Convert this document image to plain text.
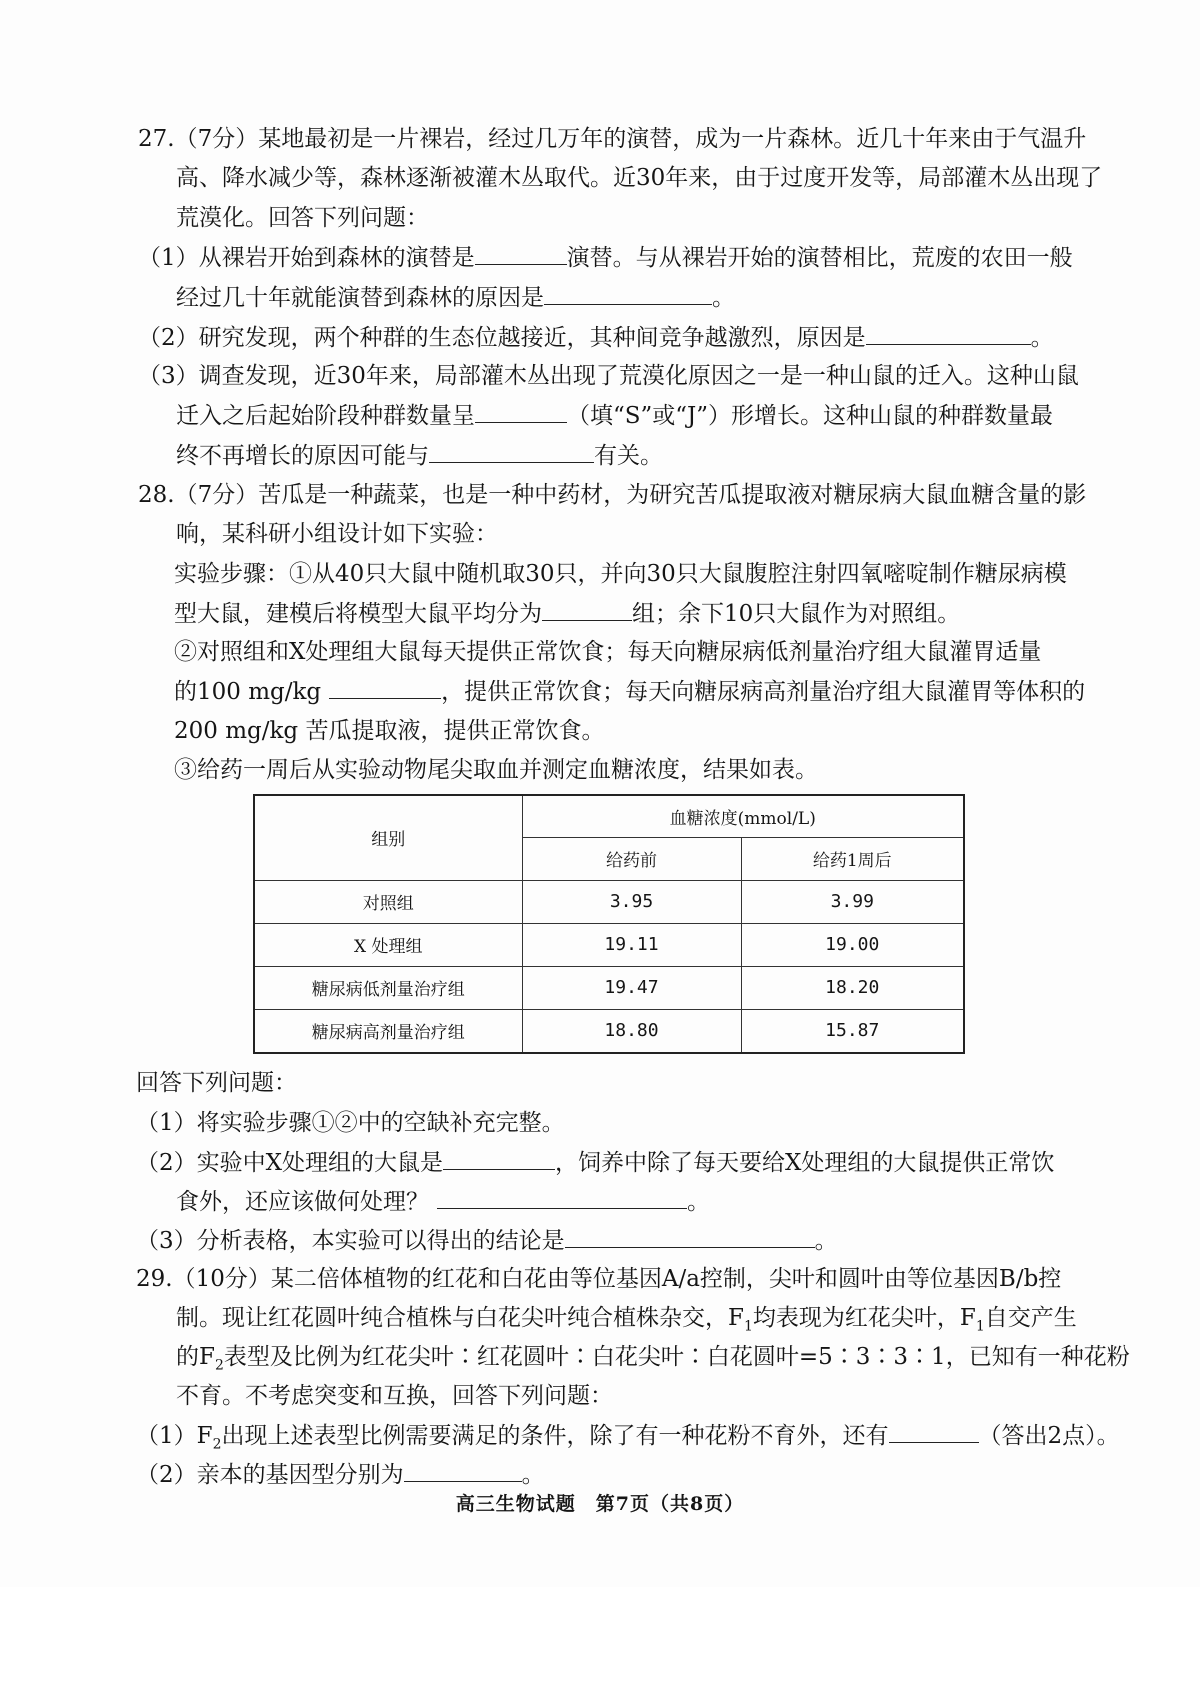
27.（7分）某地最初是一片裸岩，经过几万年的演替，成为一片森林。近几十年来由于气温升

高、降水减少等，森林逐渐被灌木丛取代。近30年来，由于过度开发等，局部灌木丛出现了

荒漠化。回答下列问题：

（1）从裸岩开始到森林的演替是	演替。与从裸岩开始的演替相比，荒废的农田一般

经过几十年就能演替到森林的原因是	。

（2）研究发现，两个种群的生态位越接近，其种间竞争越激烈，原因是	。

（3）调查发现，近30年来，局部灌木丛出现了荒漠化原因之一是一种山鼠的迁入。这种山鼠

迁入之后起始阶段种群数量呈	（填“S”或“J”）形增长。这种山鼠的种群数量最

终不再增长的原因可能与	有关。

28.（7分）苦瓜是一种蔬菜，也是一种中药材，为研究苦瓜提取液对糖尿病大鼠血糖含量的影

响，某科研小组设计如下实验：

实验步骤：①从40只大鼠中随机取30只，并向30只大鼠腹腔注射四氧嘧啶制作糖尿病模

型大鼠，建模后将模型大鼠平均分为	组；余下10只大鼠作为对照组。

②对照组和X处理组大鼠每天提供正常饮食；每天向糖尿病低剂量治疗组大鼠灌胃适量

的100 mg/kg	，提供正常饮食；每天向糖尿病高剂量治疗组大鼠灌胃等体积的

200 mg/kg 苦瓜提取液，提供正常饮食。

③给药一周后从实验动物尾尖取血并测定血糖浓度，结果如表。

组别	血糖浓度(mmol/L)	
	给药前	给药1周后
对照组	3.95	3.99
X 处理组	19.11	19.00
糖尿病低剂量治疗组	19.47	18.20
糖尿病高剂量治疗组	18.80	15.87

回答下列问题：

（1）将实验步骤①②中的空缺补充完整。

（2）实验中X处理组的大鼠是	，饲养中除了每天要给X处理组的大鼠提供正常饮

食外，还应该做何处理？	。

（3）分析表格，本实验可以得出的结论是	。

29.（10分）某二倍体植物的红花和白花由等位基因A/a控制，尖叶和圆叶由等位基因B/b控

制。现让红花圆叶纯合植株与白花尖叶纯合植株杂交，$F_1$均表现为红花尖叶，$F_1$自交产生

的$F_2$表型及比例为红花尖叶∶红花圆叶∶白花尖叶∶白花圆叶=5∶3∶3∶1，已知有一种花粉

不育。不考虑突变和互换，回答下列问题：

$(1)F_2$出现上述表型比例需要满足的条件，除了有一种花粉不育外，还有	（答出2点）。

（2）亲本的基因型分别为	。

高三生物试题　第7页（共8页）
